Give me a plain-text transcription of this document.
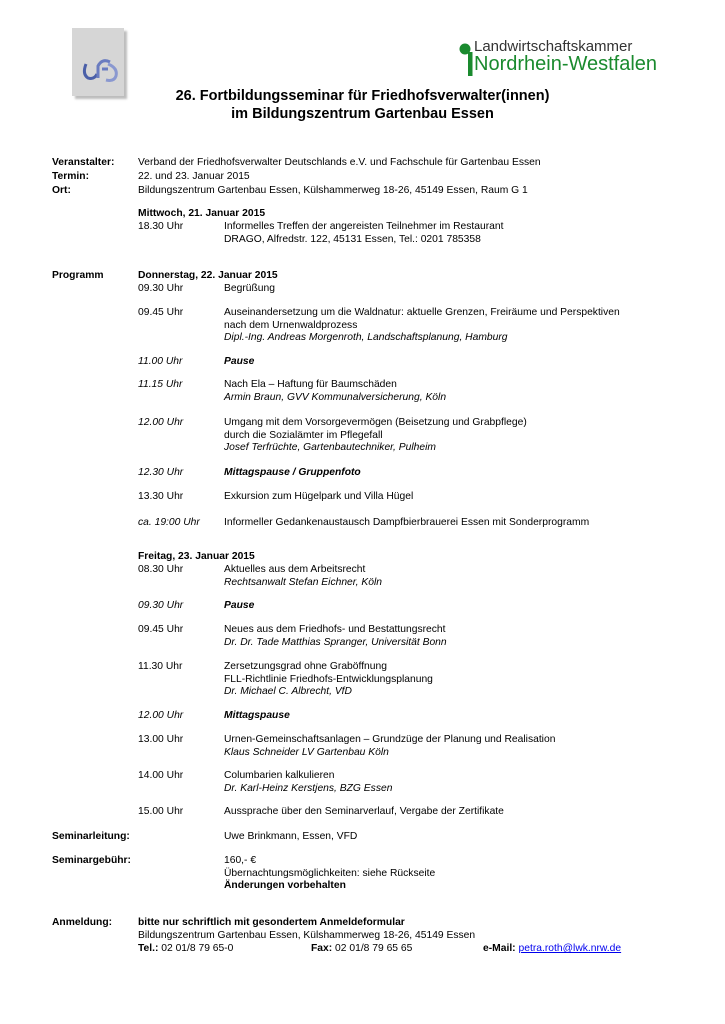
Landwirtschaftskammer
Nordrhein-Westfalen
26. Fortbildungsseminar für Friedhofsverwalter(innen)
im Bildungszentrum Gartenbau Essen
Veranstalter: Verband der Friedhofsverwalter Deutschlands e.V. und Fachschule für Gartenbau Essen
Termin:	22. und 23. Januar 2015
Ort:	Bildungszentrum Gartenbau Essen, Külshammerweg 18-26, 45149 Essen, Raum G 1
Mittwoch, 21. Januar 2015
18.30 Uhr	Informelles Treffen der angereisten Teilnehmer im Restaurant
DRAGO, Alfredstr. 122, 45131 Essen, Tel.: 0201 785358
Programm	Donnerstag, 22. Januar 2015
09.30 Uhr	Begrüßung
09.45 Uhr	Auseinandersetzung um die Waldnatur: aktuelle Grenzen, Freiräume und Perspektiven
nach dem Urnenwaldprozess
Dipl.-Ing. Andreas Morgenroth, Landschaftsplanung, Hamburg
11.00 Uhr	Pause
11.15 Uhr	Nach Ela – Haftung für Baumschäden
Armin Braun, GVV Kommunalversicherung, Köln
12.00 Uhr	Umgang mit dem Vorsorgevermögen (Beisetzung und Grabpflege)
durch die Sozialämter im Pflegefall
Josef Terfrüchte, Gartenbautechniker, Pulheim
12.30 Uhr	Mittagspause / Gruppenfoto
13.30 Uhr	Exkursion zum Hügelpark und Villa Hügel
ca. 19:00 Uhr Informeller Gedankenaustausch Dampfbierbrauerei Essen mit Sonderprogramm
Freitag, 23. Januar 2015
08.30 Uhr	Aktuelles aus dem Arbeitsrecht
Rechtsanwalt Stefan Eichner, Köln
09.30 Uhr	Pause
09.45 Uhr	Neues aus dem Friedhofs- und Bestattungsrecht
Dr. Dr. Tade Matthias Spranger, Universität Bonn
11.30 Uhr	Zersetzungsgrad ohne Graböffnung
FLL-Richtlinie Friedhofs-Entwicklungsplanung
Dr. Michael C. Albrecht, VfD
12.00 Uhr	Mittagspause
13.00 Uhr	Urnen-Gemeinschaftsanlagen – Grundzüge der Planung und Realisation
Klaus Schneider LV Gartenbau Köln
14.00 Uhr	Columbarien kalkulieren
Dr. Karl-Heinz Kerstjens, BZG Essen
15.00 Uhr	Aussprache über den Seminarverlauf, Vergabe der Zertifikate
Seminarleitung:	Uwe Brinkmann, Essen, VFD
Seminargebühr:	160,- €
Übernachtungsmöglichkeiten: siehe Rückseite
Änderungen vorbehalten
Anmeldung:	bitte nur schriftlich mit gesondertem Anmeldeformular
Bildungszentrum Gartenbau Essen, Külshammerweg 18-26, 45149 Essen
Tel.: 02 01/8 79 65-0	Fax: 02 01/8 79 65 65	e-Mail: petra.roth@lwk.nrw.de
